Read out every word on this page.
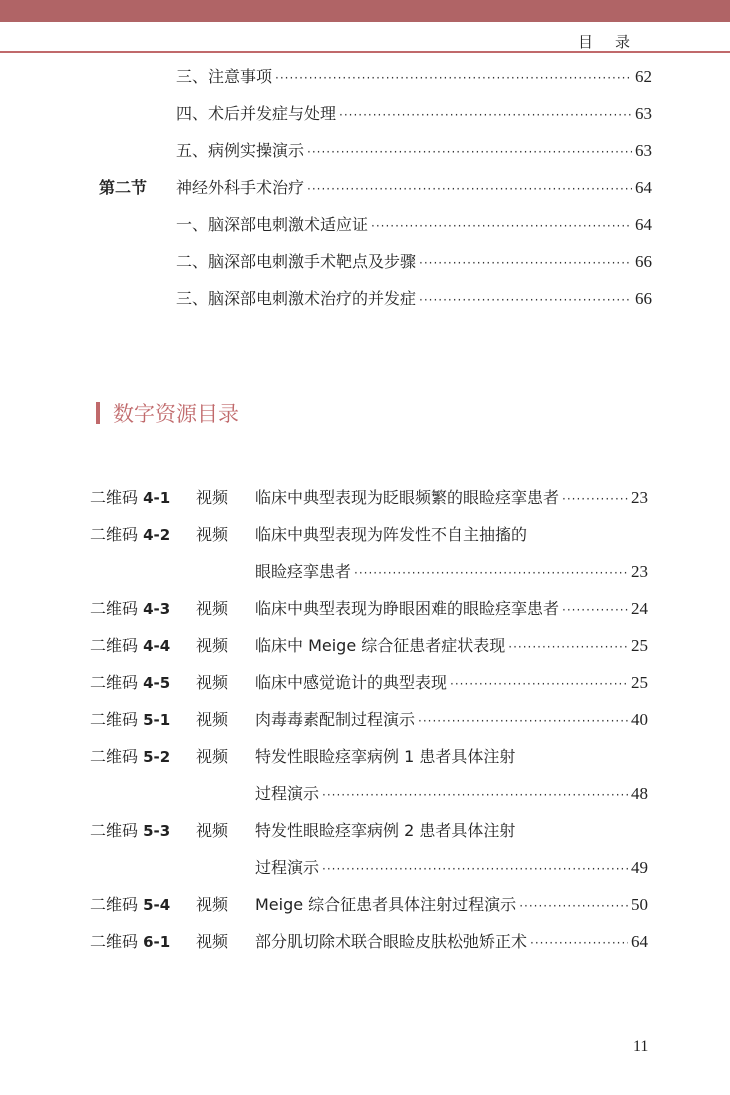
目录
三、注意事项 ·····	62
四、术后并发症与处理 ·····	63
五、病例实操演示 ·····	63
第二节	神经外科手术治疗 ·····	64
一、脑深部电刺激术适应证 ·····	64
二、脑深部电刺激手术靶点及步骤 ·····	66
三、脑深部电刺激术治疗的并发症 ·····	66
数字资源目录
二维码 4-1	视频	临床中典型表现为眨眼频繁的眼睑痉挛患者 ·····	23
二维码 4-2	视频	临床中典型表现为阵发性不自主抽搐的
眼睑痉挛患者 ·····	23
二维码 4-3	视频	临床中典型表现为睁眼困难的眼睑痉挛患者 ·····	24
二维码 4-4	视频	临床中 Meige 综合征患者症状表现 ·····	25
二维码 4-5	视频	临床中感觉诡计的典型表现 ·····	25
二维码 5-1	视频	肉毒毒素配制过程演示 ·····	40
二维码 5-2	视频	特发性眼睑痉挛病例 1 患者具体注射
过程演示 ·····	48
二维码 5-3	视频	特发性眼睑痉挛病例 2 患者具体注射
过程演示 ·····	49
二维码 5-4	视频	Meige 综合征患者具体注射过程演示 ·····	50
二维码 6-1	视频	部分肌切除术联合眼睑皮肤松弛矫正术 ·····	64
11
